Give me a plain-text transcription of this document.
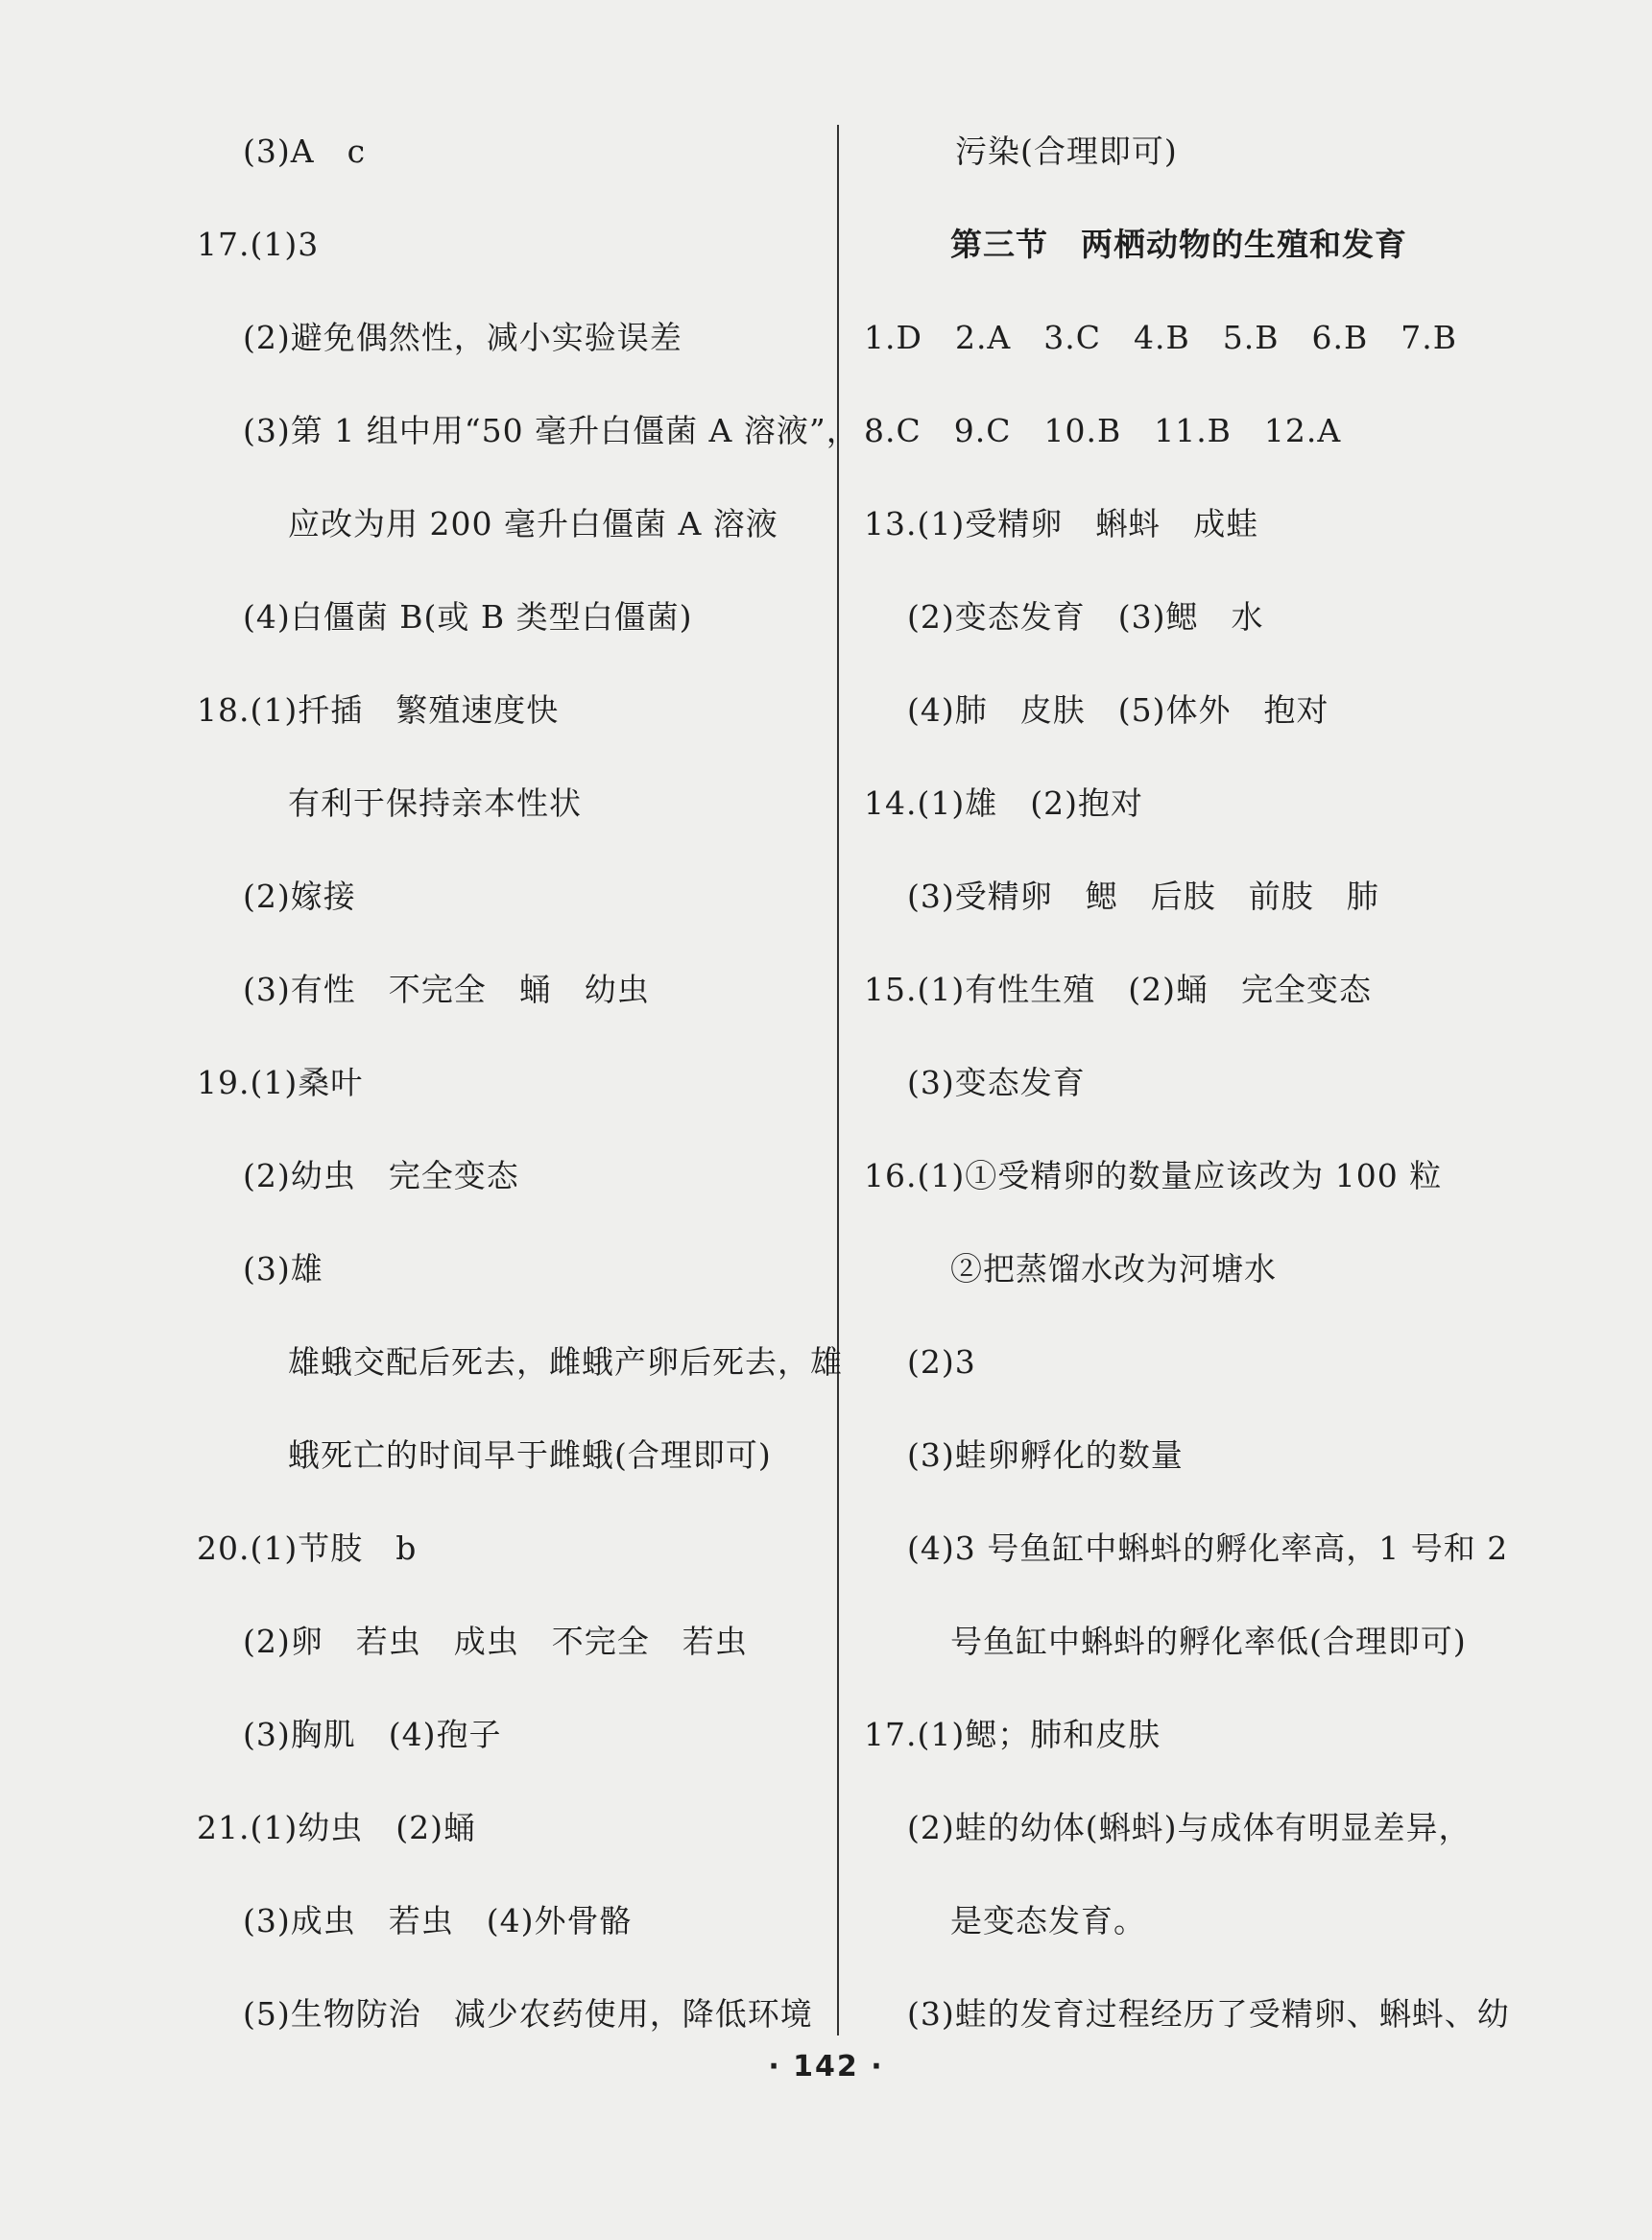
(3)A　c
17.(1)3
(2)避免偶然性，减小实验误差
(3)第 1 组中用“50 毫升白僵菌 A 溶液”，
应改为用 200 毫升白僵菌 A 溶液
(4)白僵菌 B(或 B 类型白僵菌)
18.(1)扦插　繁殖速度快
有利于保持亲本性状
(2)嫁接
(3)有性　不完全　蛹　幼虫
19.(1)桑叶
(2)幼虫　完全变态
(3)雄
雄蛾交配后死去，雌蛾产卵后死去，雄
蛾死亡的时间早于雌蛾(合理即可)
20.(1)节肢　b
(2)卵　若虫　成虫　不完全　若虫
(3)胸肌　(4)孢子
21.(1)幼虫　(2)蛹
(3)成虫　若虫　(4)外骨骼
(5)生物防治　减少农药使用，降低环境
污染(合理即可)
第三节　两栖动物的生殖和发育
1.D　2.A　3.C　4.B　5.B　6.B　7.B
8.C　9.C　10.B　11.B　12.A
13.(1)受精卵　蝌蚪　成蛙
(2)变态发育　(3)鳃　水
(4)肺　皮肤　(5)体外　抱对
14.(1)雄　(2)抱对
(3)受精卵　鳃　后肢　前肢　肺
15.(1)有性生殖　(2)蛹　完全变态
(3)变态发育
16.(1)①受精卵的数量应该改为 100 粒
②把蒸馏水改为河塘水
(2)3
(3)蛙卵孵化的数量
(4)3 号鱼缸中蝌蚪的孵化率高，1 号和 2
号鱼缸中蝌蚪的孵化率低(合理即可)
17.(1)鳃；肺和皮肤
(2)蛙的幼体(蝌蚪)与成体有明显差异，
是变态发育。
(3)蛙的发育过程经历了受精卵、蝌蚪、幼
· 142 ·
